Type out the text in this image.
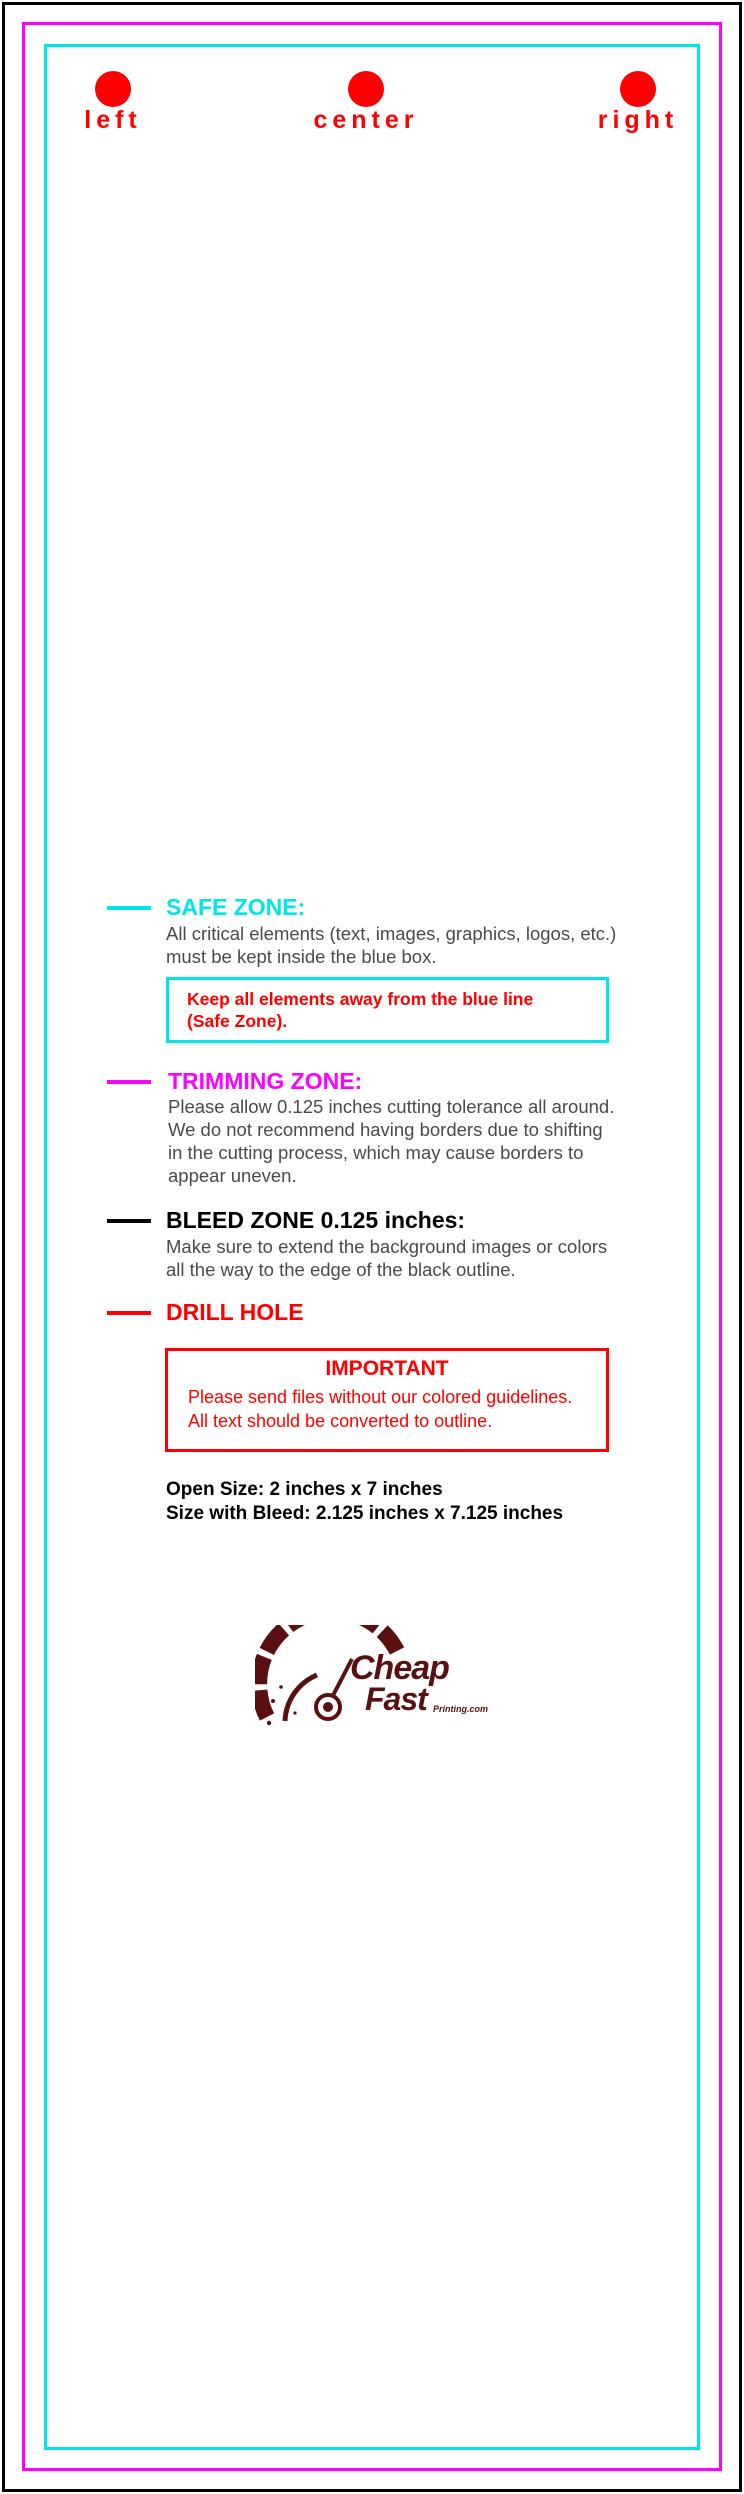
left	center	right
SAFE ZONE:
All critical elements (text, images, graphics, logos, etc.)
must be kept inside the blue box.
Keep all elements away from the blue line
(Safe Zone).
TRIMMING ZONE:
Please allow 0.125 inches cutting tolerance all around.
We do not recommend having borders due to shifting
in the cutting process, which may cause borders to
appear uneven.
BLEED ZONE 0.125 inches:
Make sure to extend the background images or colors
all the way to the edge of the black outline.
DRILL HOLE
IMPORTANT
Please send files without our colored guidelines.
All text should be converted to outline.
Open Size: 2 inches x 7 inches
Size with Bleed: 2.125 inches x 7.125 inches
Cheap
Fast Printing.com
